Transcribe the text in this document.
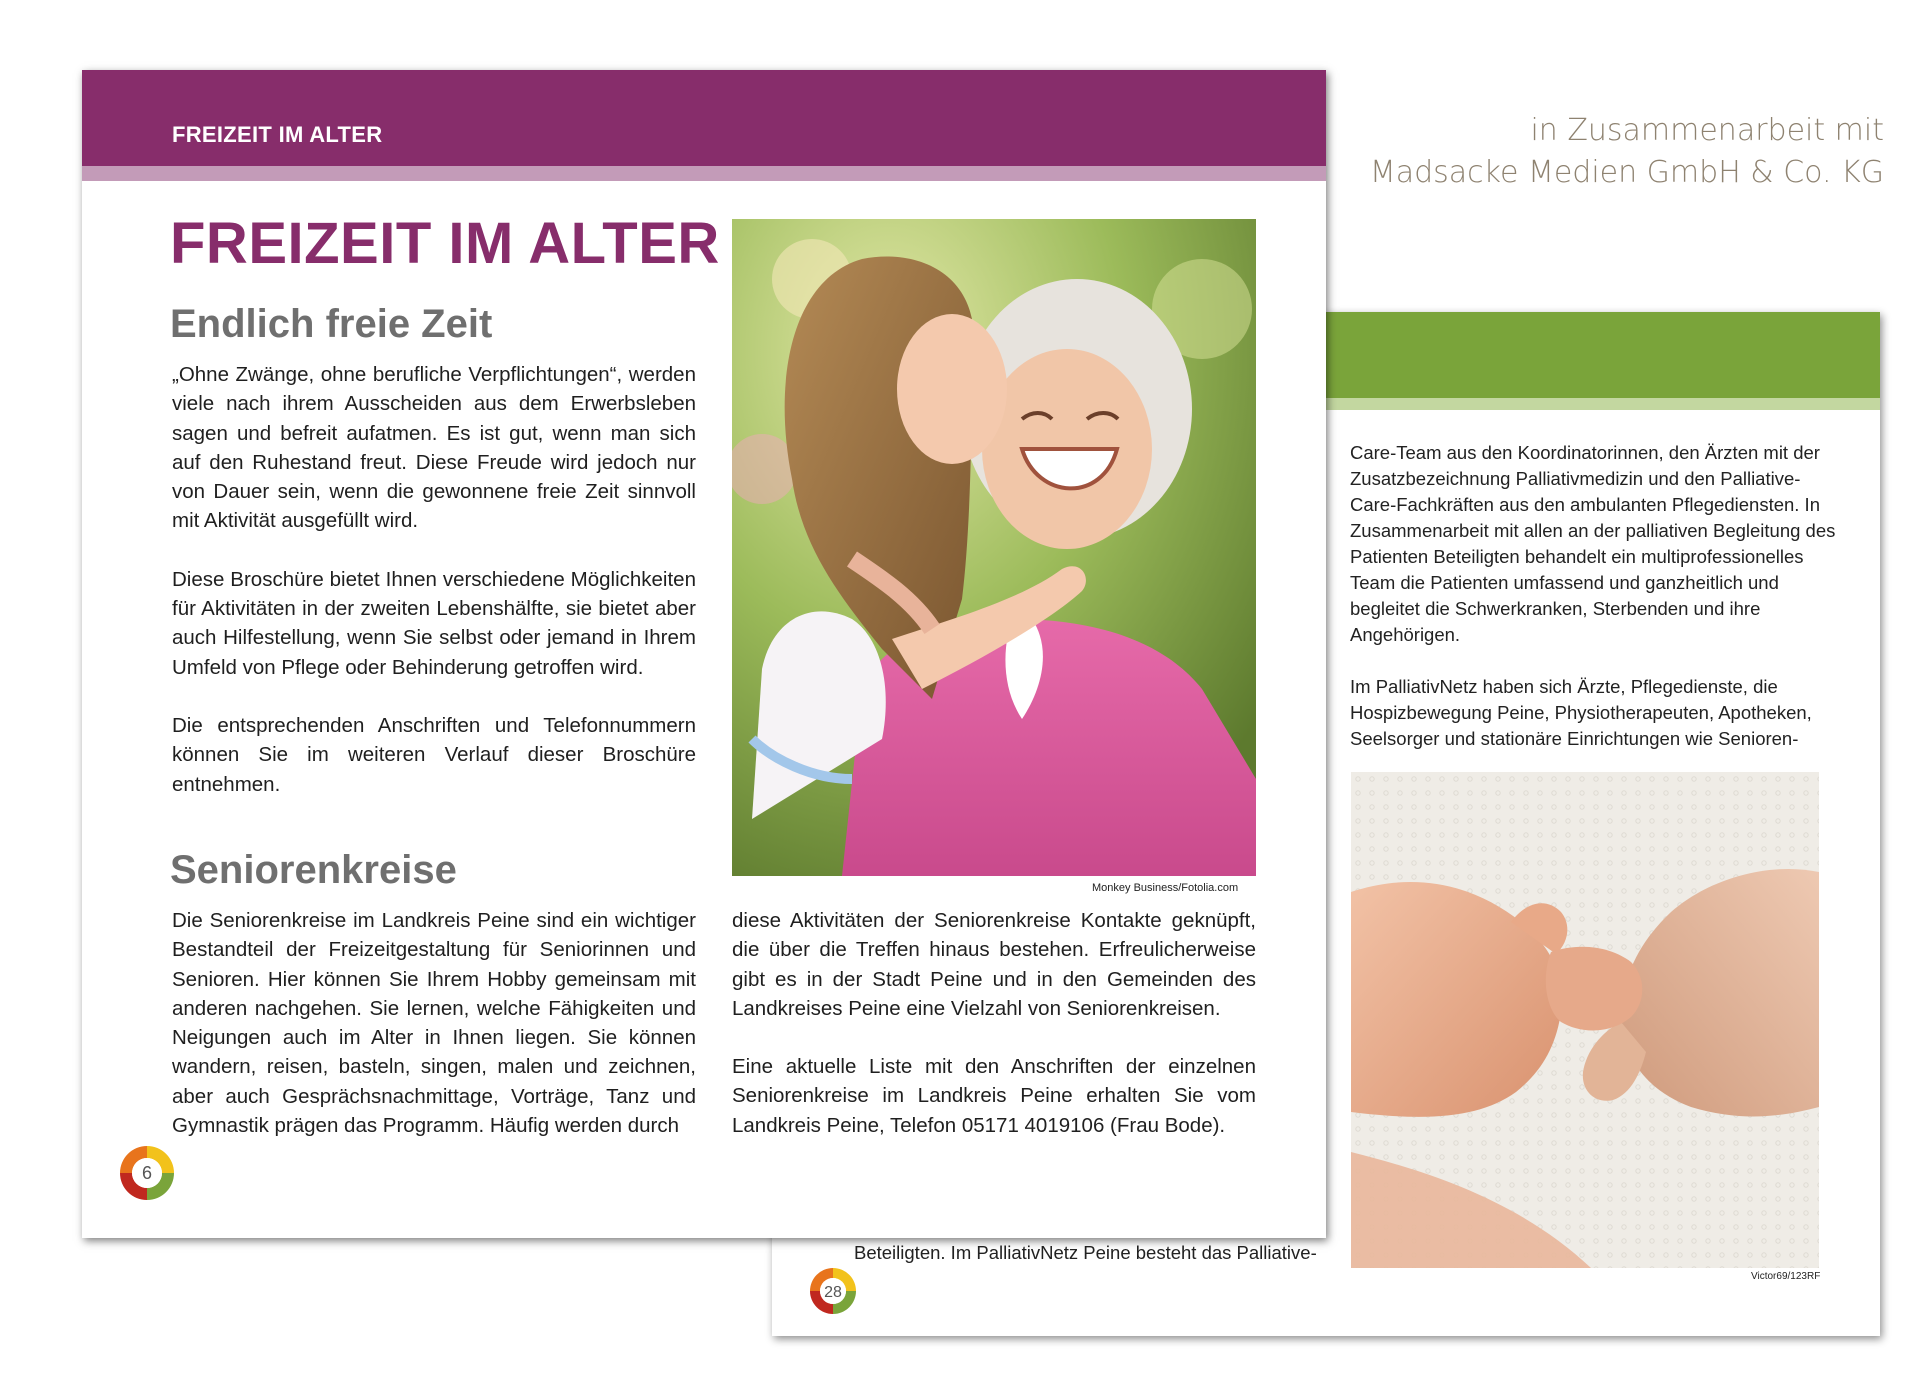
in Zusammenarbeit mit
Madsacke Medien GmbH & Co. KG

Care-Team aus den Koordinatorinnen, den Ärzten mit der Zusatzbezeichnung Palliativmedizin und den Palliative-Care-Fachkräften aus den ambulanten Pflegediensten. In Zusammenarbeit mit allen an der palliativen Begleitung des Patienten Beteiligten behandelt ein multiprofessionelles Team die Patienten umfassend und ganzheitlich und begleitet die Schwerkranken, Sterbenden und ihre Angehörigen.

Im PalliativNetz haben sich Ärzte, Pflegedienste, die Hospizbewegung Peine, Physiotherapeuten, Apotheken, Seelsorger und stationäre Einrichtungen wie Senioren-

Victor69/123RF
Beteiligten. Im PalliativNetz Peine besteht das Palliative-
28
FREIZEIT IM ALTER
FREIZEIT IM ALTER
Endlich freie Zeit

„Ohne Zwänge, ohne berufliche Verpflichtungen“, werden viele nach ihrem Ausscheiden aus dem Erwerbsleben sagen und befreit aufatmen. Es ist gut, wenn man sich auf den Ruhestand freut. Diese Freude wird jedoch nur von Dauer sein, wenn die gewonnene freie Zeit sinnvoll mit Aktivität ausgefüllt wird.

Diese Broschüre bietet Ihnen verschiedene Möglichkeiten für Aktivitäten in der zweiten Lebenshälfte, sie bietet aber auch Hilfestellung, wenn Sie selbst oder jemand in Ihrem Umfeld von Pflege oder Behinderung getroffen wird.

Die entsprechenden Anschriften und Telefonnummern können Sie im weiteren Verlauf dieser Broschüre entnehmen.

Seniorenkreise

Die Seniorenkreise im Landkreis Peine sind ein wichtiger Bestandteil der Freizeitgestaltung für Seniorinnen und Senioren. Hier können Sie Ihrem Hobby gemeinsam mit anderen nachgehen. Sie lernen, welche Fähigkeiten und Neigungen auch im Alter in Ihnen liegen. Sie können wandern, reisen, basteln, singen, malen und zeichnen, aber auch Gesprächsnachmittage, Vorträge, Tanz und Gymnastik prägen das Programm. Häufig werden durch

diese Aktivitäten der Seniorenkreise Kontakte geknüpft, die über die Treffen hinaus bestehen. Erfreulicherweise gibt es in der Stadt Peine und in den Gemeinden des Landkreises Peine eine Vielzahl von Seniorenkreisen.

Eine aktuelle Liste mit den Anschriften der einzelnen Seniorenkreise im Landkreis Peine erhalten Sie vom Landkreis Peine, Telefon 05171 4019106 (Frau Bode).

Monkey Business/Fotolia.com
6
